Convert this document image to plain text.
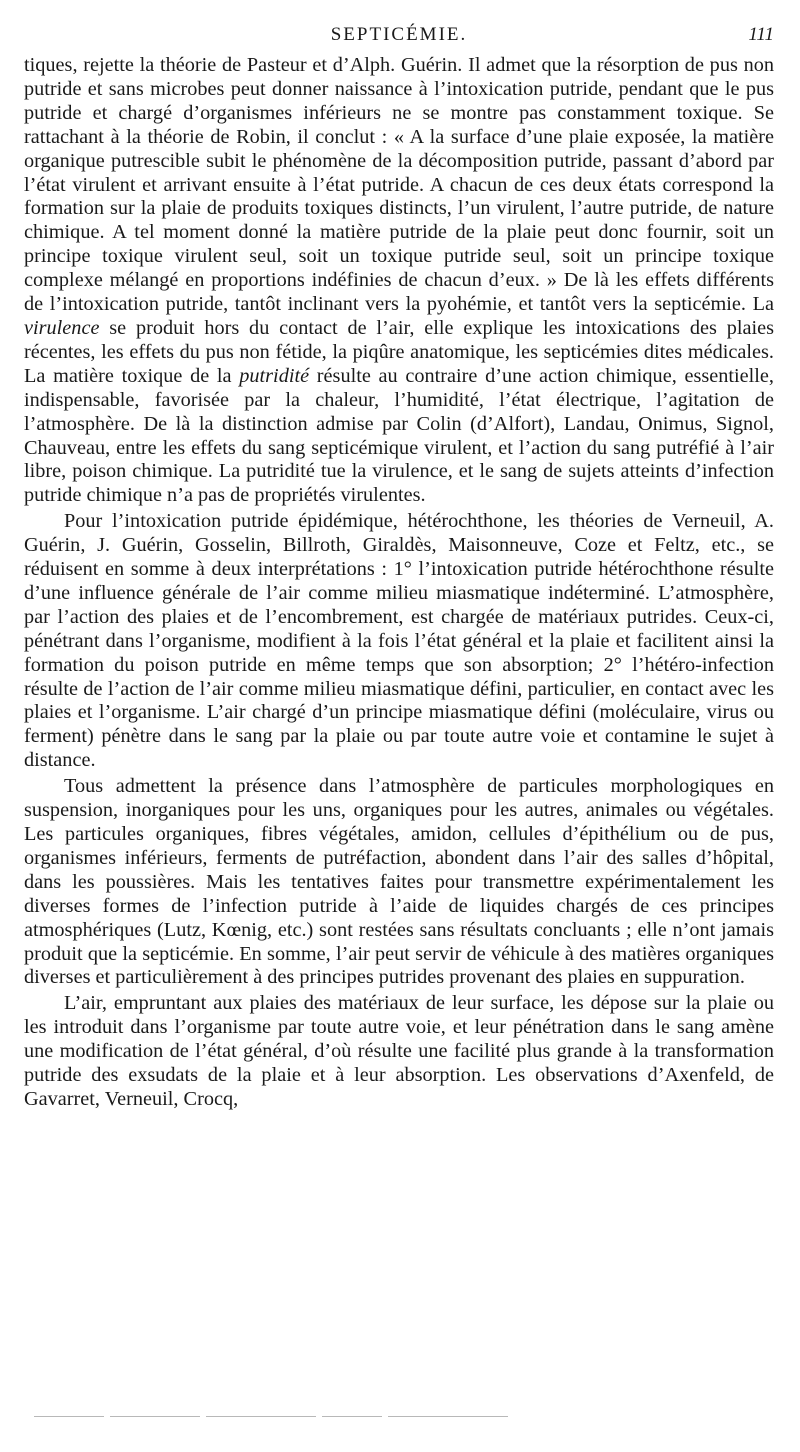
SEPTICÉMIE.	111

tiques, rejette la théorie de Pasteur et d’Alph. Guérin. Il admet que la résorption de pus non putride et sans microbes peut donner naissance à l’intoxication putride, pendant que le pus putride et chargé d’organismes inférieurs ne se montre pas constamment toxique. Se rattachant à la théorie de Robin, il conclut : « A la surface d’une plaie exposée, la matière organique putrescible subit le phénomène de la décomposition putride, passant d’abord par l’état virulent et arrivant ensuite à l’état putride. A chacun de ces deux états correspond la formation sur la plaie de produits toxiques distincts, l’un virulent, l’autre putride, de nature chimique. A tel moment donné la matière putride de la plaie peut donc fournir, soit un principe toxique virulent seul, soit un toxique putride seul, soit un principe toxique complexe mélangé en proportions indéfinies de chacun d’eux. » De là les effets différents de l’intoxication putride, tantôt inclinant vers la pyohémie, et tantôt vers la septicémie. La virulence se produit hors du contact de l’air, elle explique les intoxications des plaies récentes, les effets du pus non fétide, la piqûre anatomique, les septicémies dites médicales. La matière toxique de la putridité résulte au contraire d’une action chimique, essentielle, indispensable, favorisée par la chaleur, l’humidité, l’état électrique, l’agitation de l’atmosphère. De là la distinction admise par Colin (d’Alfort), Landau, Onimus, Signol, Chauveau, entre les effets du sang septicémique virulent, et l’action du sang putréfié à l’air libre, poison chimique. La putridité tue la virulence, et le sang de sujets atteints d’infection putride chimique n’a pas de propriétés virulentes.

Pour l’intoxication putride épidémique, hétérochthone, les théories de Verneuil, A. Guérin, J. Guérin, Gosselin, Billroth, Giraldès, Maisonneuve, Coze et Feltz, etc., se réduisent en somme à deux interprétations : 1° l’intoxication putride hétérochthone résulte d’une influence générale de l’air comme milieu miasmatique indéterminé. L’atmosphère, par l’action des plaies et de l’encombrement, est chargée de matériaux putrides. Ceux-ci, pénétrant dans l’organisme, modifient à la fois l’état général et la plaie et facilitent ainsi la formation du poison putride en même temps que son absorption; 2° l’hétéro-infection résulte de l’action de l’air comme milieu miasmatique défini, particulier, en contact avec les plaies et l’organisme. L’air chargé d’un principe miasmatique défini (moléculaire, virus ou ferment) pénètre dans le sang par la plaie ou par toute autre voie et contamine le sujet à distance.

Tous admettent la présence dans l’atmosphère de particules morphologiques en suspension, inorganiques pour les uns, organiques pour les autres, animales ou végétales. Les particules organiques, fibres végétales, amidon, cellules d’épithélium ou de pus, organismes inférieurs, ferments de putréfaction, abondent dans l’air des salles d’hôpital, dans les poussières. Mais les tentatives faites pour transmettre expérimentalement les diverses formes de l’infection putride à l’aide de liquides chargés de ces principes atmosphériques (Lutz, Kœnig, etc.) sont restées sans résultats concluants ; elle n’ont jamais produit que la septicémie. En somme, l’air peut servir de véhicule à des matières organiques diverses et particulièrement à des principes putrides provenant des plaies en suppuration.

L’air, empruntant aux plaies des matériaux de leur surface, les dépose sur la plaie ou les introduit dans l’organisme par toute autre voie, et leur pénétration dans le sang amène une modification de l’état général, d’où résulte une facilité plus grande à la transformation putride des exsudats de la plaie et à leur absorption. Les observations d’Axenfeld, de Gavarret, Verneuil, Crocq,
